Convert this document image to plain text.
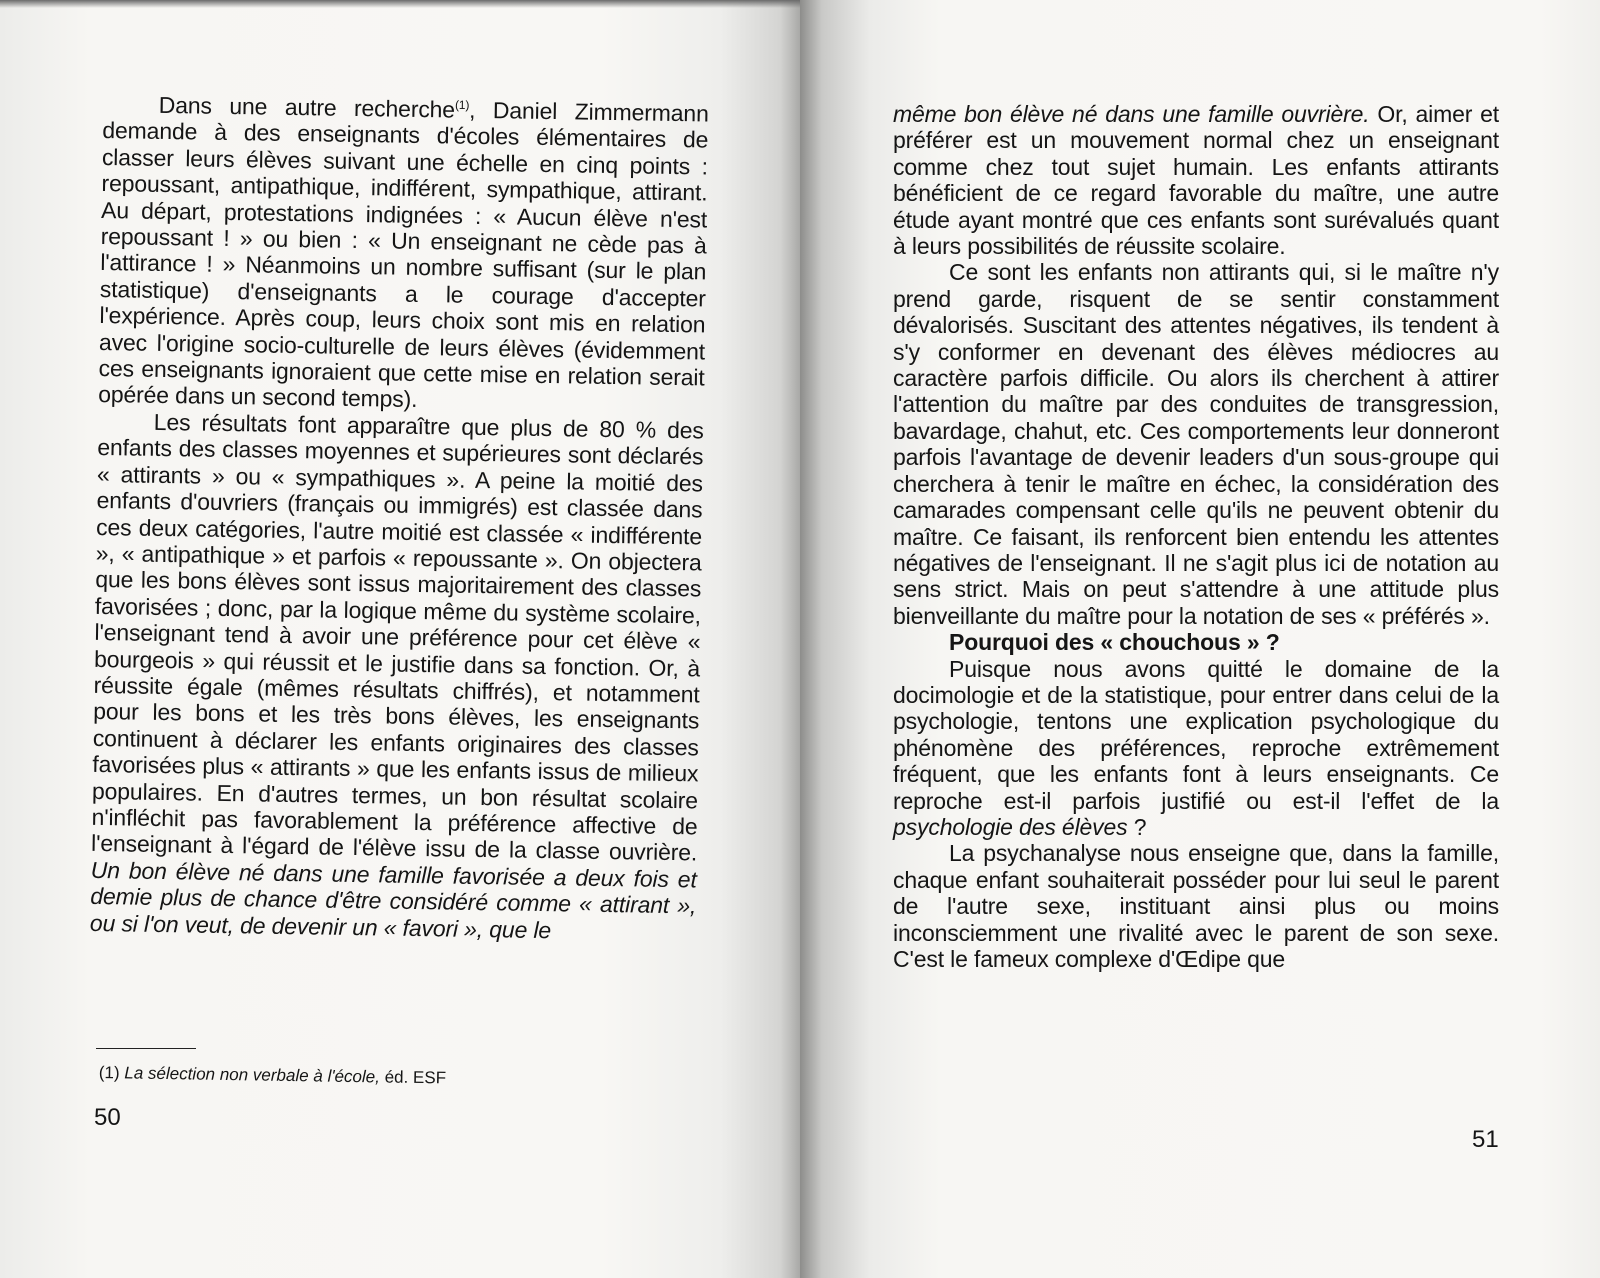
Dans une autre recherche$^{(1)}$, Daniel Zimmermann demande à des enseignants d'écoles élémentaires de classer leurs élèves suivant une échelle en cinq points : repoussant, antipathique, indifférent, sympathique, attirant. Au départ, protestations indignées : « Aucun élève n'est repoussant ! » ou bien : « Un enseignant ne cède pas à l'attirance ! » Néanmoins un nombre suffisant (sur le plan statistique) d'enseignants a le courage d'accepter l'expérience. Après coup, leurs choix sont mis en relation avec l'origine socio-culturelle de leurs élèves (évidemment ces enseignants ignoraient que cette mise en relation serait opérée dans un second temps).

Les résultats font apparaître que plus de 80 % des enfants des classes moyennes et supérieures sont déclarés « attirants » ou « sympathiques ». A peine la moitié des enfants d'ouvriers (français ou immigrés) est classée dans ces deux catégories, l'autre moitié est classée « indifférente », « antipathique » et parfois « repoussante ». On objectera que les bons élèves sont issus majoritairement des classes favorisées ; donc, par la logique même du système scolaire, l'enseignant tend à avoir une préférence pour cet élève « bourgeois » qui réussit et le justifie dans sa fonction. Or, à réussite égale (mêmes résultats chiffrés), et notamment pour les bons et les très bons élèves, les enseignants continuent à déclarer les enfants originaires des classes favorisées plus « attirants » que les enfants issus de milieux populaires. En d'autres termes, un bon résultat scolaire n'infléchit pas favorablement la préférence affective de l'enseignant à l'égard de l'élève issu de la classe ouvrière. Un bon élève né dans une famille favorisée a deux fois et demie plus de chance d'être considéré comme « attirant », ou si l'on veut, de devenir un « favori », que le

(1) La sélection non verbale à l'école, éd. ESF
50

même bon élève né dans une famille ouvrière. Or, aimer et préférer est un mouvement normal chez un enseignant comme chez tout sujet humain. Les enfants attirants bénéficient de ce regard favorable du maître, une autre étude ayant montré que ces enfants sont surévalués quant à leurs possibilités de réussite scolaire.

Ce sont les enfants non attirants qui, si le maître n'y prend garde, risquent de se sentir constamment dévalorisés. Suscitant des attentes négatives, ils tendent à s'y conformer en devenant des élèves médiocres au caractère parfois difficile. Ou alors ils cherchent à attirer l'attention du maître par des conduites de transgression, bavardage, chahut, etc. Ces comportements leur donneront parfois l'avantage de devenir leaders d'un sous-groupe qui cherchera à tenir le maître en échec, la considération des camarades compensant celle qu'ils ne peuvent obtenir du maître. Ce faisant, ils renforcent bien entendu les attentes négatives de l'enseignant. Il ne s'agit plus ici de notation au sens strict. Mais on peut s'attendre à une attitude plus bienveillante du maître pour la notation de ses « préférés ».

Pourquoi des « chouchous » ?

Puisque nous avons quitté le domaine de la docimologie et de la statistique, pour entrer dans celui de la psychologie, tentons une explication psychologique du phénomène des préférences, reproche extrêmement fréquent, que les enfants font à leurs enseignants. Ce reproche est-il parfois justifié ou est-il l'effet de la psychologie des élèves ?

La psychanalyse nous enseigne que, dans la famille, chaque enfant souhaiterait posséder pour lui seul le parent de l'autre sexe, instituant ainsi plus ou moins inconsciemment une rivalité avec le parent de son sexe. C'est le fameux complexe d'Œdipe que

51
